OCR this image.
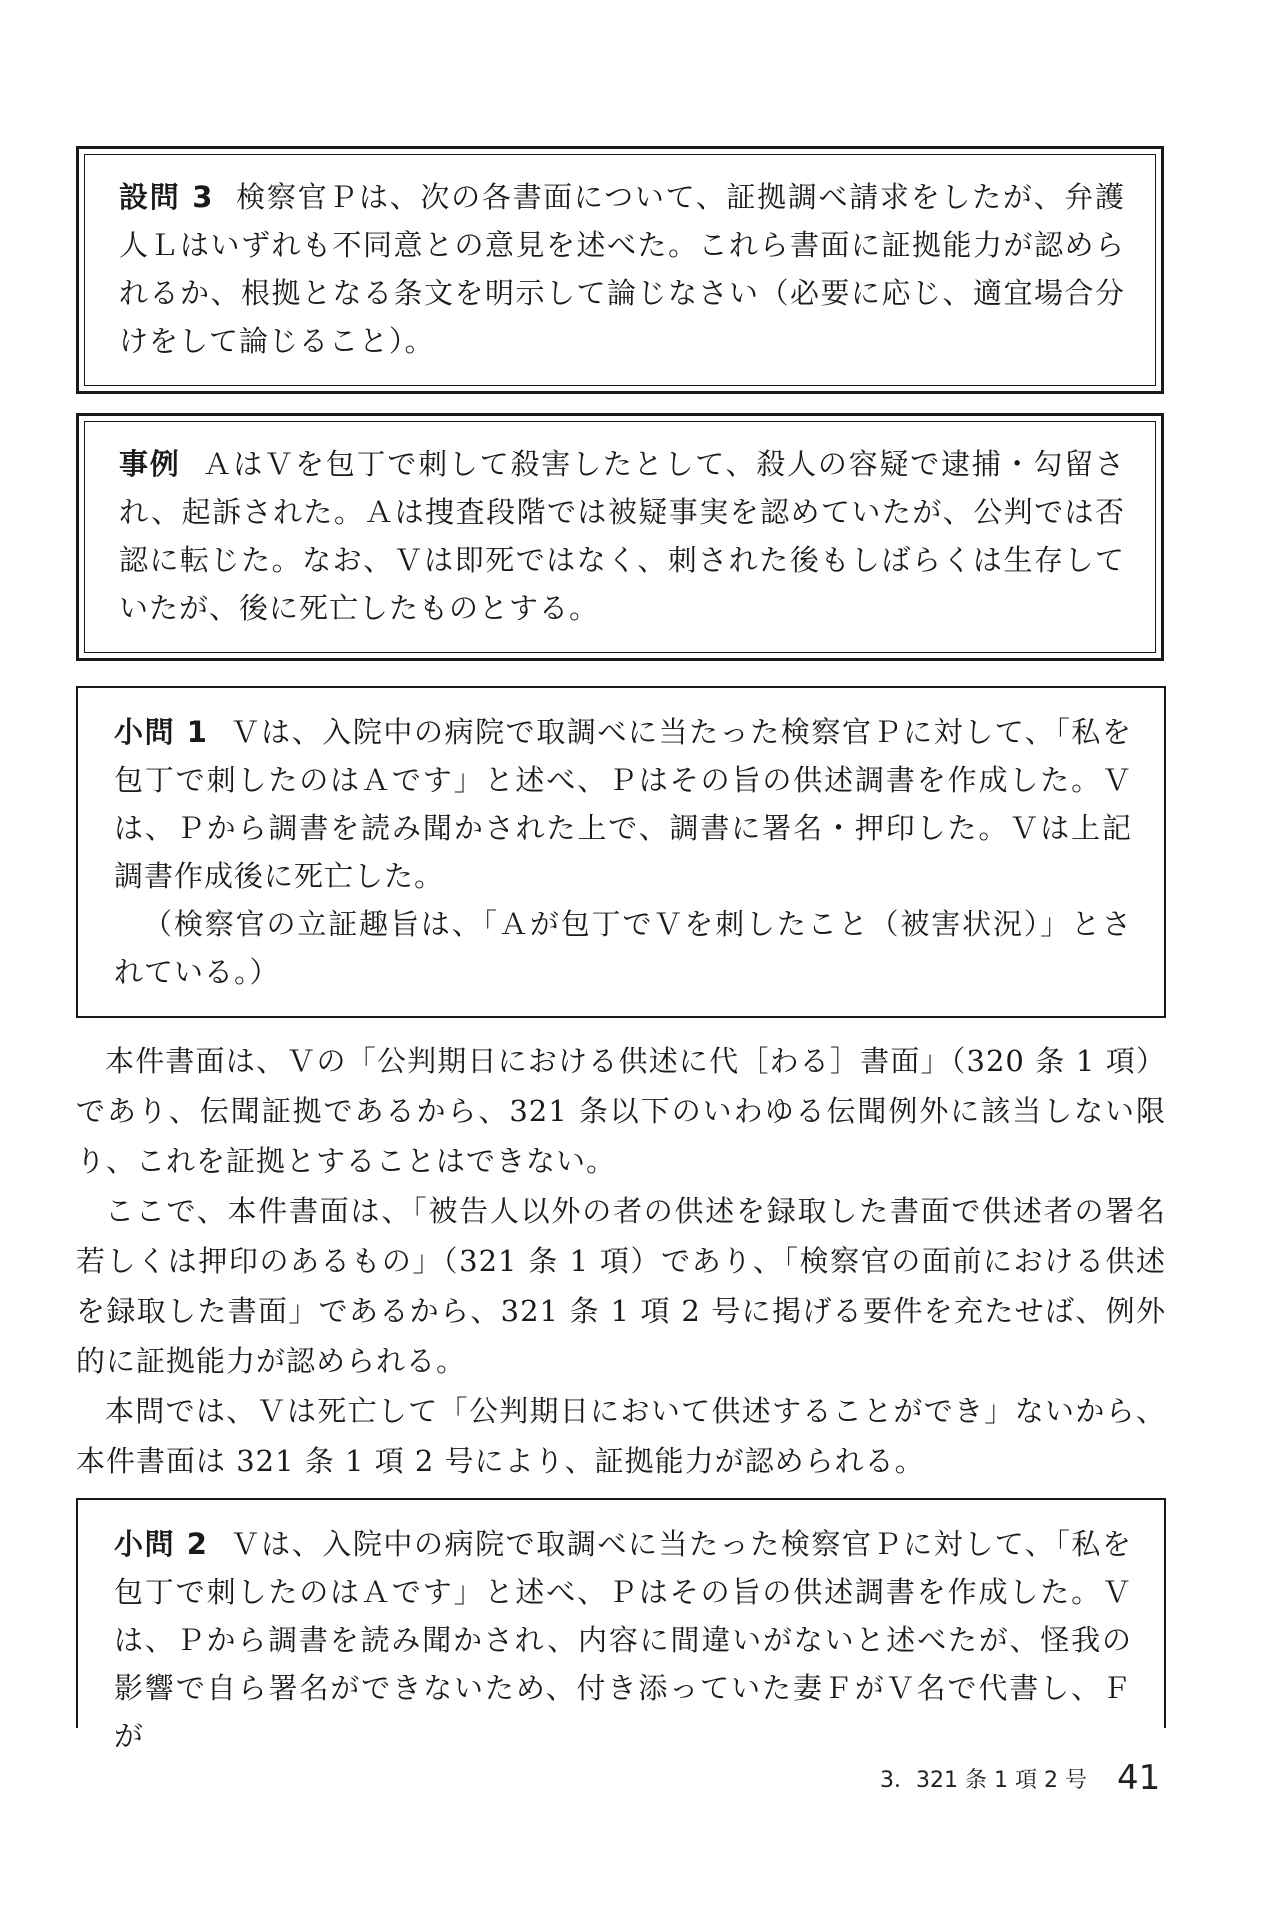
設問 3 検察官Ｐは、次の各書面について、証拠調べ請求をしたが、弁護人Ｌはいずれも不同意との意見を述べた。これら書面に証拠能力が認められるか、根拠となる条文を明示して論じなさい（必要に応じ、適宜場合分けをして論じること）。
事例 ＡはＶを包丁で刺して殺害したとして、殺人の容疑で逮捕・勾留され、起訴された。Ａは捜査段階では被疑事実を認めていたが、公判では否認に転じた。なお、Ｖは即死ではなく、刺された後もしばらくは生存していたが、後に死亡したものとする。
小問 1 Ｖは、入院中の病院で取調べに当たった検察官Ｐに対して、「私を包丁で刺したのはＡです」と述べ、Ｐはその旨の供述調書を作成した。Ｖは、Ｐから調書を読み聞かされた上で、調書に署名・押印した。Ｖは上記調書作成後に死亡した。
（検察官の立証趣旨は、「Ａが包丁でＶを刺したこと（被害状況）」とされている。）

本件書面は、Ｖの「公判期日における供述に代［わる］書面」（320 条 1 項）であり、伝聞証拠であるから、321 条以下のいわゆる伝聞例外に該当しない限り、これを証拠とすることはできない。

ここで、本件書面は、「被告人以外の者の供述を録取した書面で供述者の署名若しくは押印のあるもの」（321 条 1 項）であり、「検察官の面前における供述を録取した書面」であるから、321 条 1 項 2 号に掲げる要件を充たせば、例外的に証拠能力が認められる。

本問では、Ｖは死亡して「公判期日において供述することができ」ないから、本件書面は 321 条 1 項 2 号により、証拠能力が認められる。

小問 2 Ｖは、入院中の病院で取調べに当たった検察官Ｐに対して、「私を包丁で刺したのはＡです」と述べ、Ｐはその旨の供述調書を作成した。Ｖは、Ｐから調書を読み聞かされ、内容に間違いがないと述べたが、怪我の影響で自ら署名ができないため、付き添っていた妻ＦがＶ名で代書し、Ｆが
3．321 条 1 項 2 号 41
